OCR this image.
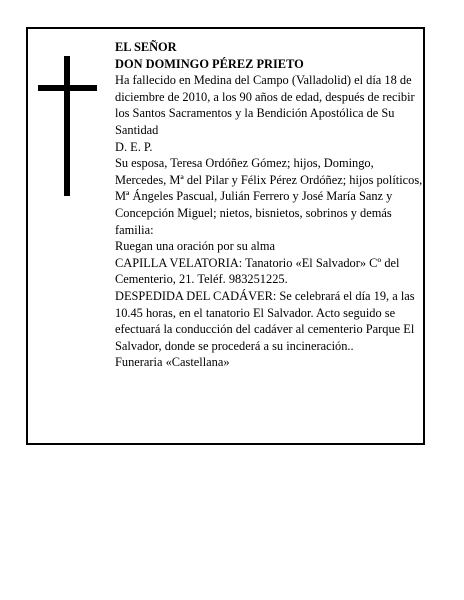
EL SEÑOR

DON DOMINGO PÉREZ PRIETO

Ha fallecido en Medina del Campo (Valladolid) el día 18 de diciembre de 2010, a los 90 años de edad, después de recibir los Santos Sacramentos y la Bendición Apostólica de Su Santidad

D. E. P.

Su esposa, Teresa Ordóñez Gómez; hijos, Domingo, Mercedes, Mª del Pilar y Félix Pérez Ordóñez; hijos políticos, Mª Ángeles Pascual, Julián Ferrero y José María Sanz y Concepción Miguel; nietos, bisnietos, sobrinos y demás familia:

Ruegan una oración por su alma

CAPILLA VELATORIA: Tanatorio «El Salvador» Cº del Cementerio, 21. Teléf. 983251225.

DESPEDIDA DEL CADÁVER: Se celebrará el día 19, a las 10.45 horas, en el tanatorio El Salvador. Acto seguido se efectuará la conducción del cadáver al cementerio Parque El Salvador, donde se procederá a su incineración..

Funeraria «Castellana»
